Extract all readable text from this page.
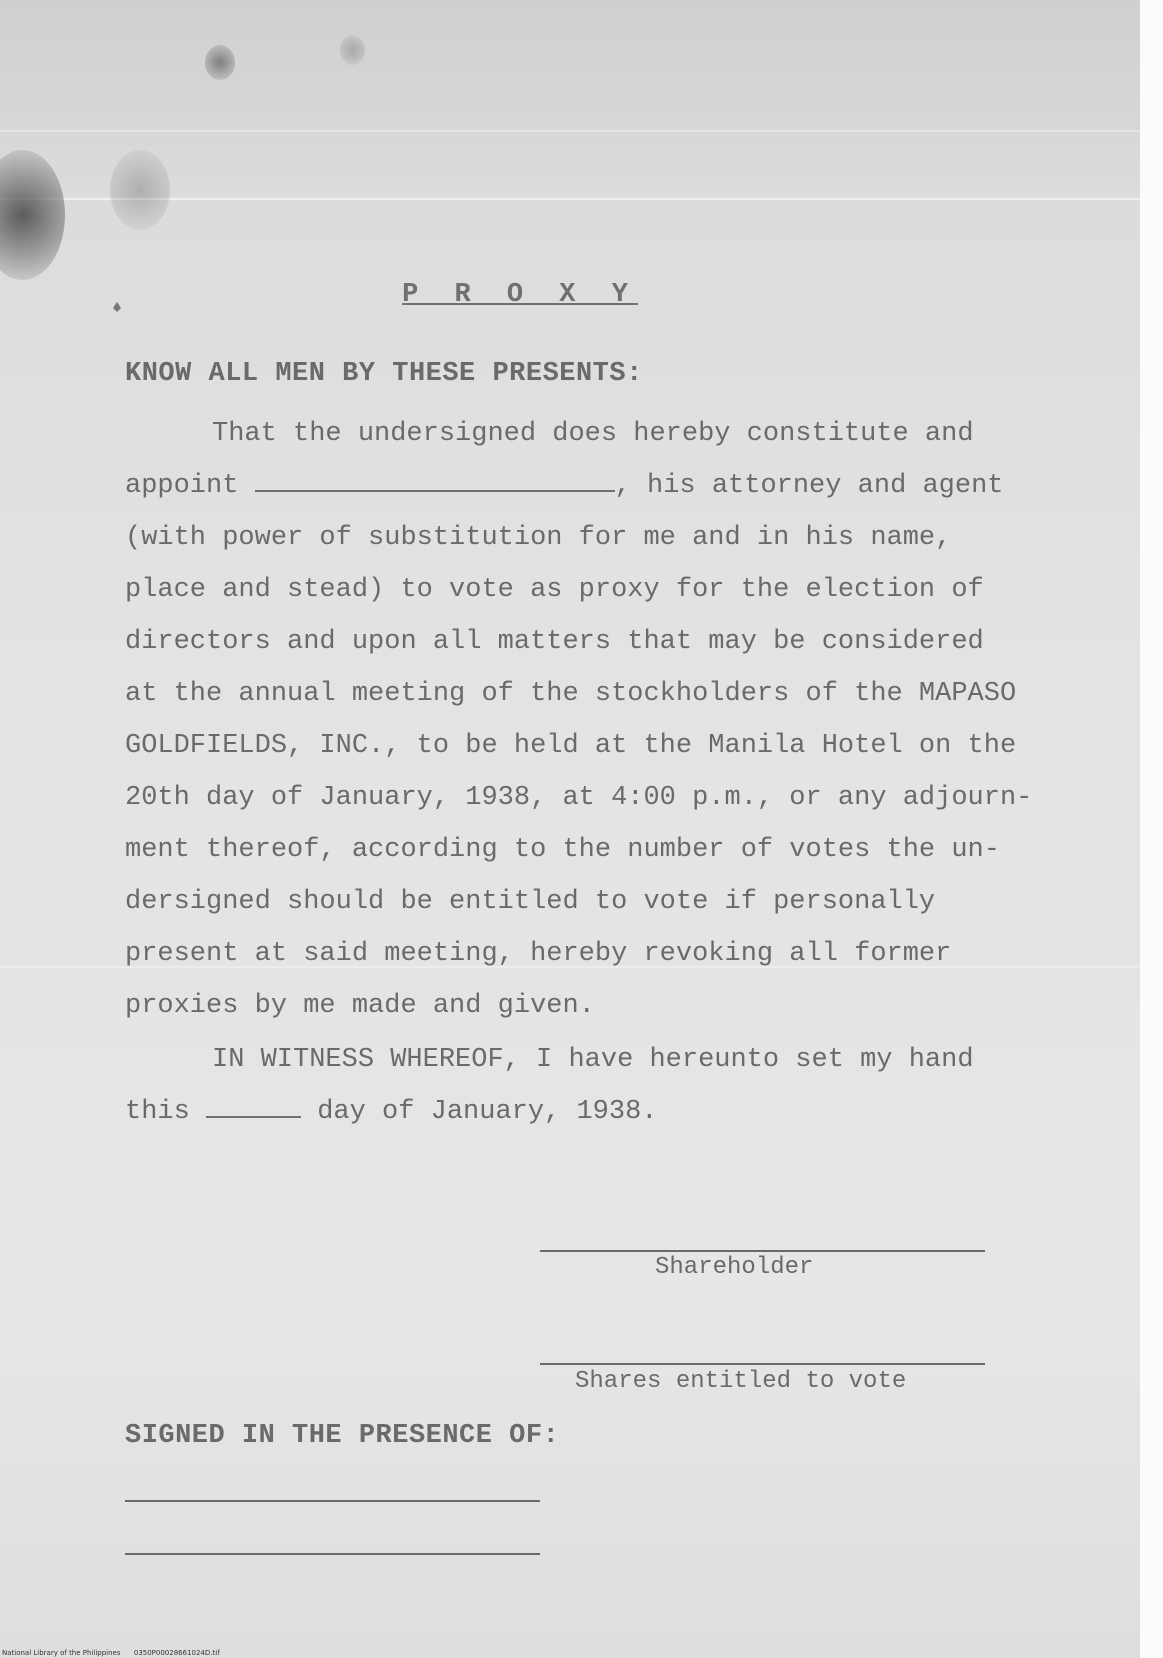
P R O X Y
KNOW ALL MEN BY THESE PRESENTS:
That the undersigned does hereby constitute and
appoint	, his attorney and agent
(with power of substitution for me and in his name,
place and stead) to vote as proxy for the election of
directors and upon all matters that may be considered
at the annual meeting of the stockholders of the MAPASO
GOLDFIELDS, INC., to be held at the Manila Hotel on the
20th day of January, 1938, at 4:00 p.m., or any adjourn-
ment thereof, according to the number of votes the un-
dersigned should be entitled to vote if personally
present at said meeting, hereby revoking all former
proxies by me made and given.
IN WITNESS WHEREOF, I have hereunto set my hand
this	day of January, 1938.
Shareholder
Shares entitled to vote
SIGNED IN THE PRESENCE OF:
National Library of the Philippines 0350P00028661024D.tif
